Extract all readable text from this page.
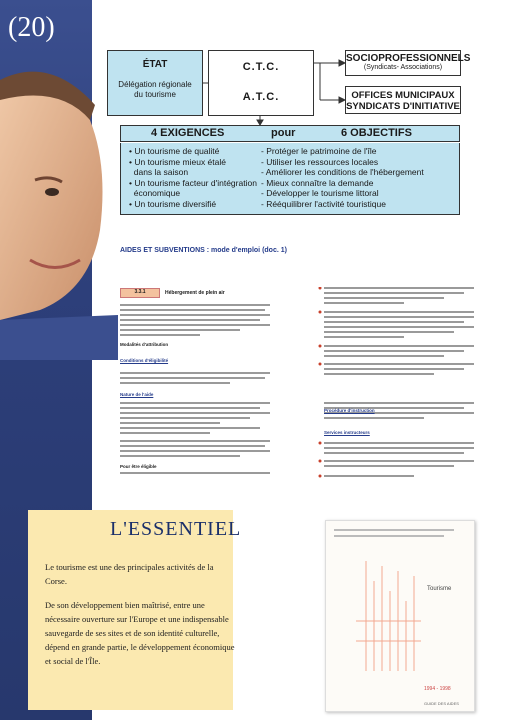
(20)
ÉTAT
Délégation régionale
du tourisme
C.T.C.
A.T.C.
SOCIOPROFESSIONNELS
(Syndicats- Associations)
OFFICES MUNICIPAUX
SYNDICATS D'INITIATIVE
4 EXIGENCES	pour	6 OBJECTIFS
• Un tourisme de qualité
• Un tourisme mieux étalé
dans la saison
• Un tourisme facteur d'intégration
économique
• Un tourisme diversifié
- Protéger le patrimoine de l'île
- Utiliser les ressources locales
- Améliorer les conditions de l'hébergement
- Mieux connaître la demande
- Développer le tourisme littoral
- Rééquilibrer l'activité touristique
AIDES ET SUBVENTIONS : mode d'emploi (doc. 1)
3.3.1	Hébergement de plein air
Modalités d'attribution
Conditions d'éligibilité
Nature de l'aide
Pour être éligible
Procédure d'instruction
Services instructeurs
L'ESSENTIEL

Le tourisme est une des principales activités de la Corse.

De son développement bien maîtrisé, entre une nécessaire ouverture sur l'Europe et une indispensable sauvegarde de ses sites et de son identité culturelle, dépend en grande partie, le développement économique et social de l'Île.

Tourisme
1994 - 1998
GUIDE DES AIDES
